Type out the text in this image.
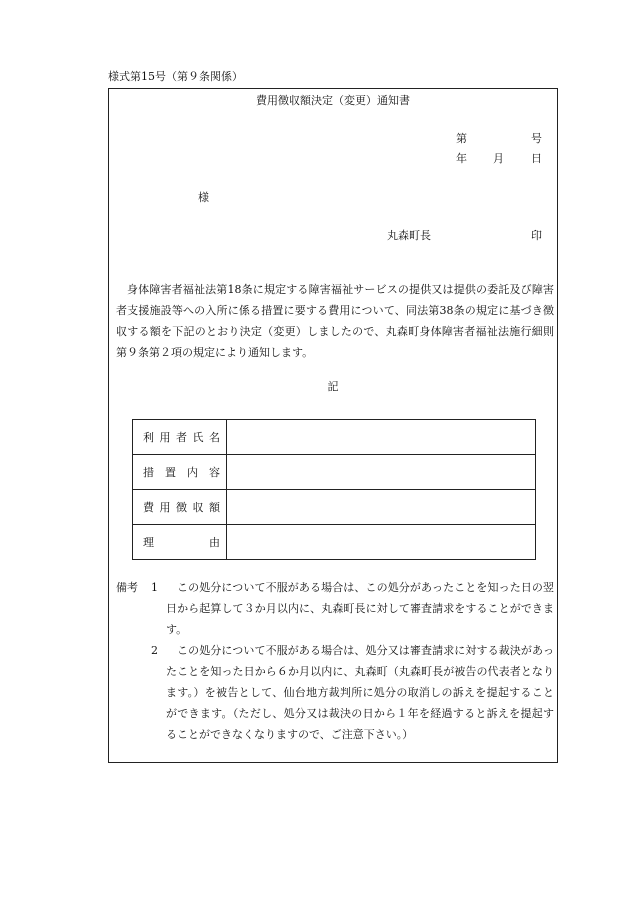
様式第15号（第９条関係）
費用徴収額決定（変更）通知書
第	号
年 月 日
様
丸森町長	印
身体障害者福祉法第18条に規定する障害福祉サービスの提供又は提供の委託及び障害者支援施設等への入所に係る措置に要する費用について、同法第38条の規定に基づき徴収する額を下記のとおり決定（変更）しましたので、丸森町身体障害者福祉法施行細則第９条第２項の規定により通知します。
記
利 用 者 氏 名	

措 置 内 容	

費 用 徴 収 額	

理 由	

備考 1	この処分について不服がある場合は、この処分があったことを知った日の翌日から起算して３か月以内に、丸森町長に対して審査請求をすることができます。
2	この処分について不服がある場合は、処分又は審査請求に対する裁決があったことを知った日から６か月以内に、丸森町（丸森町長が被告の代表者となります。）を被告として、仙台地方裁判所に処分の取消しの訴えを提起することができます。（ただし、処分又は裁決の日から１年を経過すると訴えを提起することができなくなりますので、ご注意下さい。）
